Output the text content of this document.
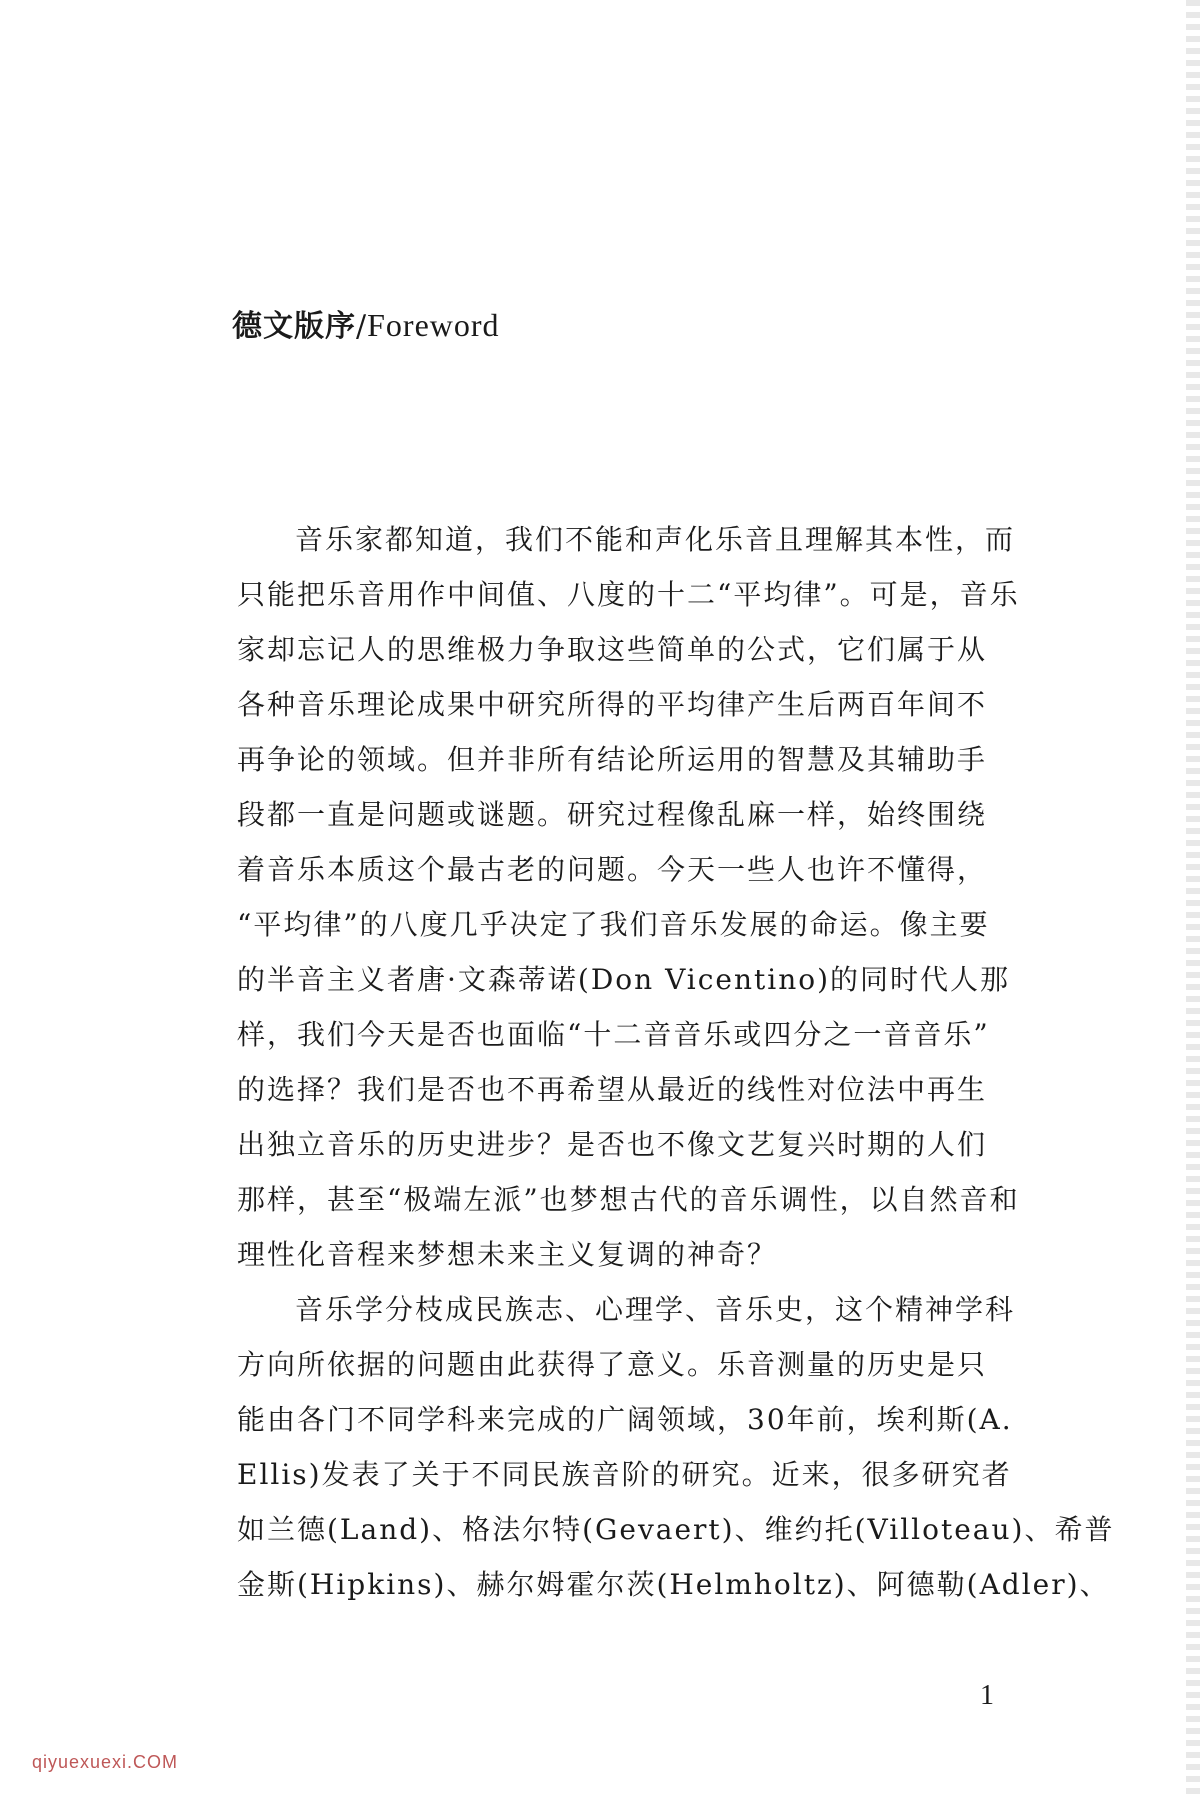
德文版序/Foreword
音乐家都知道，我们不能和声化乐音且理解其本性，而
只能把乐音用作中间值、八度的十二“平均律”。可是，音乐
家却忘记人的思维极力争取这些简单的公式，它们属于从
各种音乐理论成果中研究所得的平均律产生后两百年间不
再争论的领域。但并非所有结论所运用的智慧及其辅助手
段都一直是问题或谜题。研究过程像乱麻一样，始终围绕
着音乐本质这个最古老的问题。今天一些人也许不懂得，
“平均律”的八度几乎决定了我们音乐发展的命运。像主要
的半音主义者唐·文森蒂诺(Don Vicentino)的同时代人那
样，我们今天是否也面临“十二音音乐或四分之一音音乐”
的选择？我们是否也不再希望从最近的线性对位法中再生
出独立音乐的历史进步？是否也不像文艺复兴时期的人们
那样，甚至“极端左派”也梦想古代的音乐调性，以自然音和
理性化音程来梦想未来主义复调的神奇？
音乐学分枝成民族志、心理学、音乐史，这个精神学科
方向所依据的问题由此获得了意义。乐音测量的历史是只
能由各门不同学科来完成的广阔领域，30年前，埃利斯(A.
Ellis)发表了关于不同民族音阶的研究。近来，很多研究者
如兰德(Land)、格法尔特(Gevaert)、维约托(Villoteau)、希普
金斯(Hipkins)、赫尔姆霍尔茨(Helmholtz)、阿德勒(Adler)、
1
qiyuexuexi.COM
